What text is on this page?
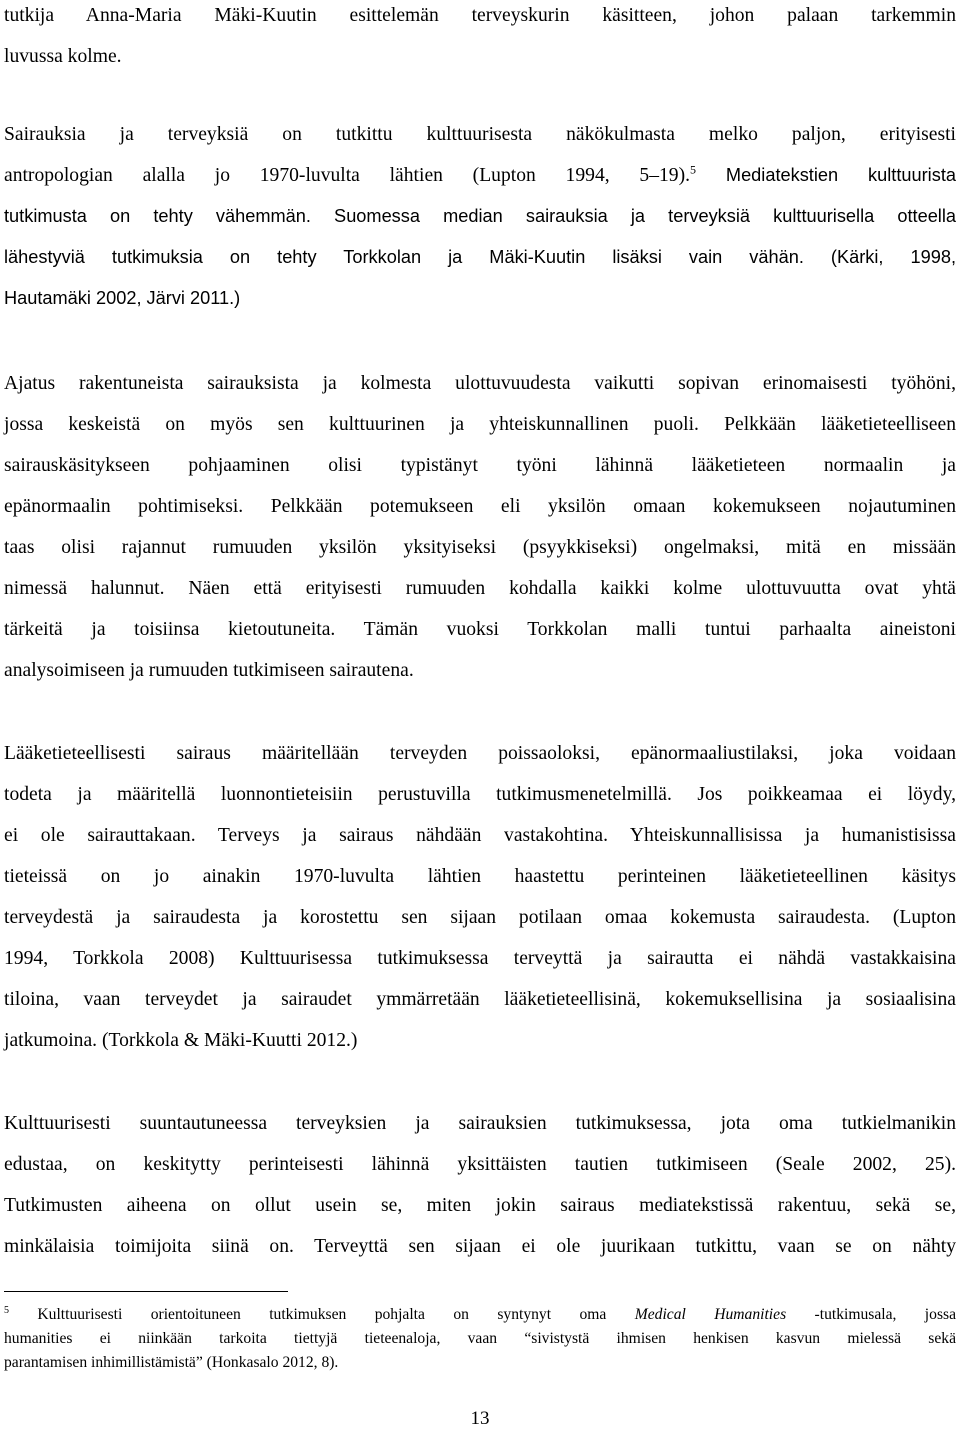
tutkija Anna-Maria Mäki-Kuutin esittelemän terveyskurin käsitteen, johon palaan tarkemmin
luvussa kolme.
Sairauksia ja terveyksiä on tutkittu kulttuurisesta näkökulmasta melko paljon, erityisesti
antropologian alalla jo 1970-luvulta lähtien (Lupton 1994, 5–19).$^5$ Mediatekstien kulttuurista
tutkimusta on tehty vähemmän. Suomessa median sairauksia ja terveyksiä kulttuurisella otteella
lähestyviä tutkimuksia on tehty Torkkolan ja Mäki-Kuutin lisäksi vain vähän. (Kärki, 1998,
Hautamäki 2002, Järvi 2011.)
Ajatus rakentuneista sairauksista ja kolmesta ulottuvuudesta vaikutti sopivan erinomaisesti työhöni,
jossa keskeistä on myös sen kulttuurinen ja yhteiskunnallinen puoli. Pelkkään lääketieteelliseen
sairauskäsitykseen pohjaaminen olisi typistänyt työni lähinnä lääketieteen normaalin ja
epänormaalin pohtimiseksi. Pelkkään potemukseen eli yksilön omaan kokemukseen nojautuminen
taas olisi rajannut rumuuden yksilön yksityiseksi (psyykkiseksi) ongelmaksi, mitä en missään
nimessä halunnut. Näen että erityisesti rumuuden kohdalla kaikki kolme ulottuvuutta ovat yhtä
tärkeitä ja toisiinsa kietoutuneita. Tämän vuoksi Torkkolan malli tuntui parhaalta aineistoni
analysoimiseen ja rumuuden tutkimiseen sairautena.
Lääketieteellisesti sairaus määritellään terveyden poissaoloksi, epänormaaliustilaksi, joka voidaan
todeta ja määritellä luonnontieteisiin perustuvilla tutkimusmenetelmillä. Jos poikkeamaa ei löydy,
ei ole sairauttakaan. Terveys ja sairaus nähdään vastakohtina. Yhteiskunnallisissa ja humanistisissa
tieteissä on jo ainakin 1970-luvulta lähtien haastettu perinteinen lääketieteellinen käsitys
terveydestä ja sairaudesta ja korostettu sen sijaan potilaan omaa kokemusta sairaudesta. (Lupton
1994, Torkkola 2008) Kulttuurisessa tutkimuksessa terveyttä ja sairautta ei nähdä vastakkaisina
tiloina, vaan terveydet ja sairaudet ymmärretään lääketieteellisinä, kokemuksellisina ja sosiaalisina
jatkumoina. (Torkkola & Mäki-Kuutti 2012.)
Kulttuurisesti suuntautuneessa terveyksien ja sairauksien tutkimuksessa, jota oma tutkielmanikin
edustaa, on keskitytty perinteisesti lähinnä yksittäisten tautien tutkimiseen (Seale 2002, 25).
Tutkimusten aiheena on ollut usein se, miten jokin sairaus mediatekstissä rakentuu, sekä se,
minkälaisia toimijoita siinä on. Terveyttä sen sijaan ei ole juurikaan tutkittu, vaan se on nähty
$^5$ Kulttuurisesti orientoituneen tutkimuksen pohjalta on syntynyt oma Medical Humanities -tutkimusala, jossa
humanities ei niinkään tarkoita tiettyjä tieteenaloja, vaan “sivistystä ihmisen henkisen kasvun mielessä sekä
parantamisen inhimillistämistä” (Honkasalo 2012, 8).
13
